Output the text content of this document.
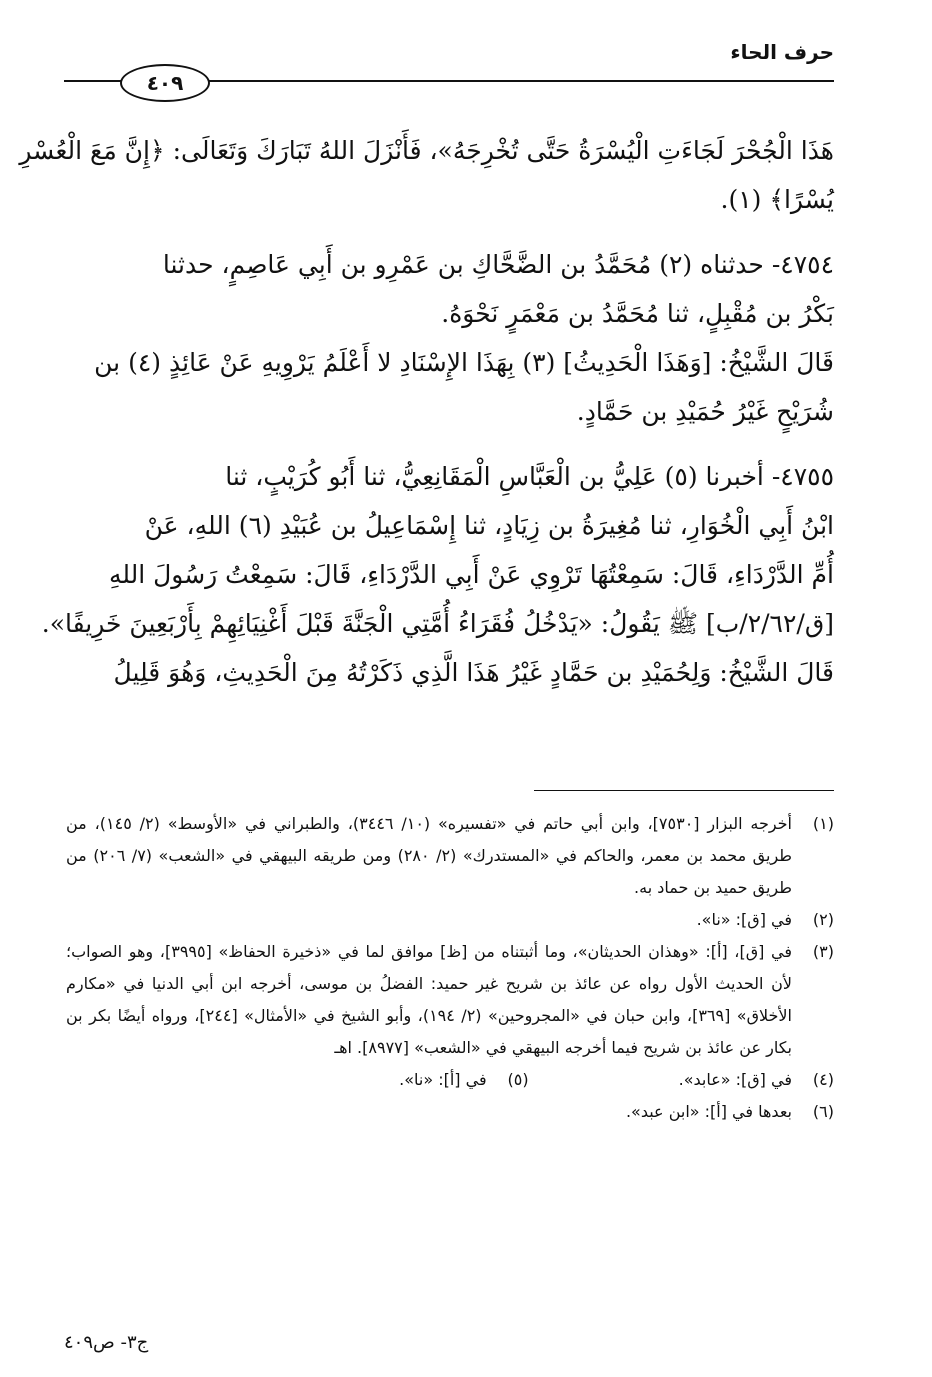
حرف الحاء
٤٠٩
هَذَا الْجُحْرَ لَجَاءَتِ الْيُسْرَةُ حَتَّى تُخْرِجَهُ»، فَأَنْزَلَ اللهُ تَبَارَكَ وَتَعَالَى: ﴿إِنَّ مَعَ الْعُسْرِ
يُسْرًا﴾ (١).
٤٧٥٤- حدثناه (٢) مُحَمَّدُ بن الضَّحَّاكِ بن عَمْرِو بن أَبِي عَاصِمٍ، حدثنا
بَكْرُ بن مُقْبِلٍ، ثنا مُحَمَّدُ بن مَعْمَرٍ نَحْوَهُ.
قَالَ الشَّيْخُ: [وَهَذَا الْحَدِيثُ] (٣) بِهَذَا الإِسْنَادِ لا أَعْلَمُ يَرْوِيهِ عَنْ عَائِذٍ (٤) بن
شُرَيْحٍ غَيْرُ حُمَيْدِ بن حَمَّادٍ.
٤٧٥٥- أخبرنا (٥) عَلِيُّ بن الْعَبَّاسِ الْمَقَانِعِيُّ، ثنا أَبُو كُرَيْبٍ، ثنا
ابْنُ أَبِي الْخُوَارِ، ثنا مُغِيرَةُ بن زِيَادٍ، ثنا إِسْمَاعِيلُ بن عُبَيْدِ (٦) اللهِ، عَنْ
أُمِّ الدَّرْدَاءِ، قَالَ: سَمِعْتُهَا تَرْوِي عَنْ أَبِي الدَّرْدَاءِ، قَالَ: سَمِعْتُ رَسُولَ اللهِ
[ق/٢/٦٢/ب] ﷺ يَقُولُ: «يَدْخُلُ فُقَرَاءُ أُمَّتِي الْجَنَّةَ قَبْلَ أَغْنِيَائِهِمْ بِأَرْبَعِينَ خَرِيفًا».
قَالَ الشَّيْخُ: وَلِحُمَيْدِ بن حَمَّادٍ غَيْرُ هَذَا الَّذِي ذَكَرْتُهُ مِنَ الْحَدِيثِ، وَهُوَ قَلِيلُ
(١)
أخرجه البزار [٧٥٣٠]، وابن أبي حاتم في «تفسيره» (١٠/ ٣٤٤٦)، والطبراني في «الأوسط» (٢/ ١٤٥)، من طريق محمد بن معمر، والحاكم في «المستدرك» (٢/ ٢٨٠) ومن طريقه البيهقي في «الشعب» (٧/ ٢٠٦) من طريق حميد بن حماد به.
(٢)
في [ق]: «نا».
(٣)
في [ق]، [أ]: «وهذان الحديثان»، وما أثبتناه من [ظ] موافق لما في «ذخيرة الحفاظ» [٣٩٩٥]، وهو الصواب؛ لأن الحديث الأول رواه عن عائذ بن شريح غير حميد: الفضلُ بن موسى، أخرجه ابن أبي الدنيا في «مكارم الأخلاق» [٣٦٩]، وابن حبان في «المجروحين» (٢/ ١٩٤)، وأبو الشيخ في «الأمثال» [٢٤٤]، ورواه أيضًا بكر بن بكار عن عائذ بن شريح فيما أخرجه البيهقي في «الشعب» [٨٩٧٧]. اهـ
(٤)
في [ق]: «عابد».
(٥)
في [أ]: «نا».
(٦)
بعدها في [أ]: «ابن عبد».
ج٣- ص٤٠٩
